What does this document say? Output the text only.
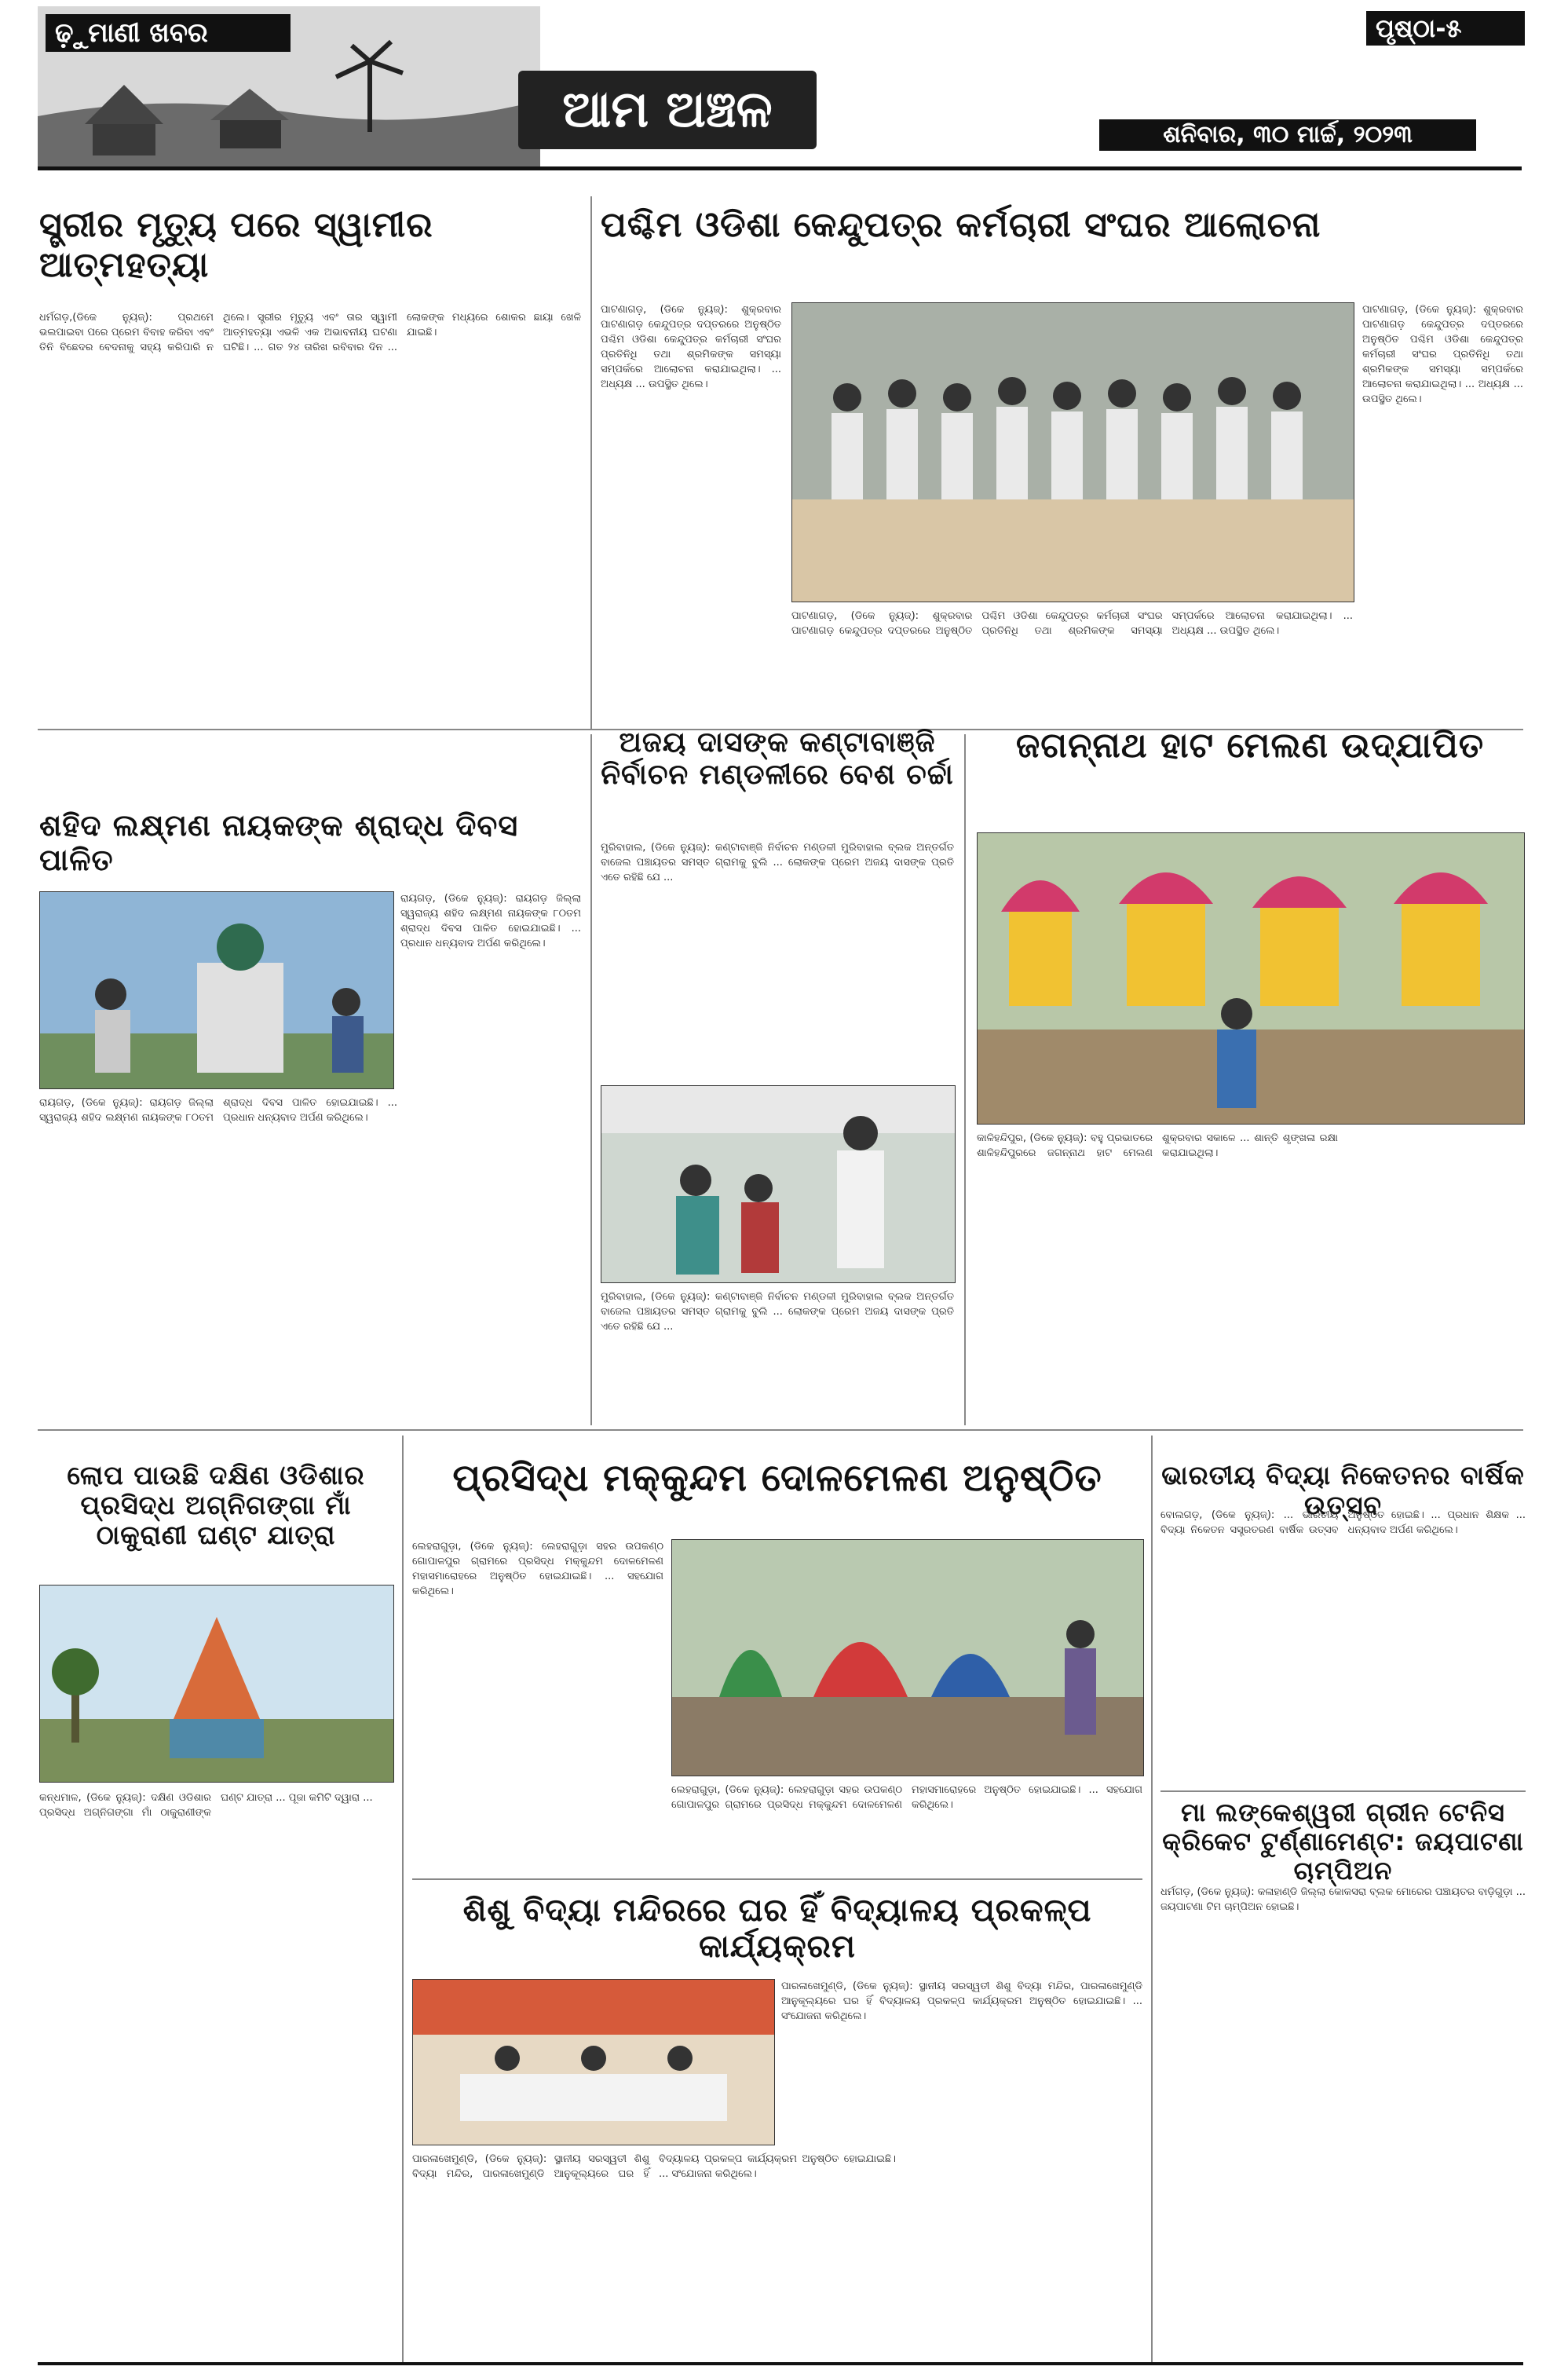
ଢ଼ୁମାଣୀ ଖବର
ଆମ ଅଞ୍ଚଳ
ପୃଷ୍ଠା-୫
ଶନିବାର, ୩୦ ମାର୍ଚ୍ଚ, ୨୦୨୩
ସ୍ତ୍ରୀର ମୃତ୍ୟୁ ପରେ ସ୍ୱାମୀର ଆତ୍ମହତ୍ୟା
ଧର୍ମଗଡ଼,(ଡିକେ ନ୍ୟୁଜ୍): ପ୍ରଥମେ ଭଲପାଇବା ପରେ ପ୍ରେମ ବିବାହ କରିବା ଏବଂ ତିନି ବିଛେଦର ବେଦନାକୁ ସହ୍ୟ କରିପାରି ନ ଥିଲେ। ସ୍ତ୍ରୀର ମୃତ୍ୟୁ ଏବଂ ତାର ସ୍ୱାମୀ ଆତ୍ମହତ୍ୟା ଏଭଳି ଏକ ଅଭାବନୀୟ ଘଟଣା ଘଟିଛି। ... ଗତ ୨୪ ତାରିଖ ରବିବାର ଦିନ ... ଲୋକଙ୍କ ମଧ୍ୟରେ ଶୋକର ଛାୟା ଖେଳି ଯାଇଛି।
ପଶ୍ଚିମ ଓଡିଶା କେନ୍ଦୁପତ୍ର କର୍ମଚାରୀ ସଂଘର ଆଲୋଚନା
ପାଟଣାଗଡ଼, (ଡିକେ ନ୍ୟୁଜ୍): ଶୁକ୍ରବାର ପାଟଣାଗଡ଼ କେନ୍ଦୁପତ୍ର ଦପ୍ତରରେ ଅନୁଷ୍ଠିତ ପଶ୍ଚିମ ଓଡିଶା କେନ୍ଦୁପତ୍ର କର୍ମଚାରୀ ସଂଘର ପ୍ରତିନିଧି ତଥା ଶ୍ରମିକଙ୍କ ସମସ୍ୟା ସମ୍ପର୍କରେ ଆଲୋଚନା କରାଯାଇଥିଲା। ... ଅଧ୍ୟକ୍ଷ ... ଉପସ୍ଥିତ ଥିଲେ।
ପାଟଣାଗଡ଼, (ଡିକେ ନ୍ୟୁଜ୍): ଶୁକ୍ରବାର ପାଟଣାଗଡ଼ କେନ୍ଦୁପତ୍ର ଦପ୍ତରରେ ଅନୁଷ୍ଠିତ ପଶ୍ଚିମ ଓଡିଶା କେନ୍ଦୁପତ୍ର କର୍ମଚାରୀ ସଂଘର ପ୍ରତିନିଧି ତଥା ଶ୍ରମିକଙ୍କ ସମସ୍ୟା ସମ୍ପର୍କରେ ଆଲୋଚନା କରାଯାଇଥିଲା। ... ଅଧ୍ୟକ୍ଷ ... ଉପସ୍ଥିତ ଥିଲେ।
ପାଟଣାଗଡ଼, (ଡିକେ ନ୍ୟୁଜ୍): ଶୁକ୍ରବାର ପାଟଣାଗଡ଼ କେନ୍ଦୁପତ୍ର ଦପ୍ତରରେ ଅନୁଷ୍ଠିତ ପଶ୍ଚିମ ଓଡିଶା କେନ୍ଦୁପତ୍ର କର୍ମଚାରୀ ସଂଘର ପ୍ରତିନିଧି ତଥା ଶ୍ରମିକଙ୍କ ସମସ୍ୟା ସମ୍ପର୍କରେ ଆଲୋଚନା କରାଯାଇଥିଲା। ... ଅଧ୍ୟକ୍ଷ ... ଉପସ୍ଥିତ ଥିଲେ।
ଶହିଦ ଲକ୍ଷ୍ମଣ ନାୟକଙ୍କ ଶ୍ରାଦ୍ଧ ଦିବସ ପାଳିତ
ରାୟଗଡ଼, (ଡିକେ ନ୍ୟୁଜ୍): ରାୟଗଡ଼ ଜିଲ୍ଲା ସ୍ୱରାଜ୍ୟ ଶହିଦ ଲକ୍ଷ୍ମଣ ନାୟକଙ୍କ ୮୦ତମ ଶ୍ରାଦ୍ଧ ଦିବସ ପାଳିତ ହୋଇଯାଇଛି। ... ପ୍ରଧାନ ଧନ୍ୟବାଦ ଅର୍ପଣ କରିଥିଲେ।
ରାୟଗଡ଼, (ଡିକେ ନ୍ୟୁଜ୍): ରାୟଗଡ଼ ଜିଲ୍ଲା ସ୍ୱରାଜ୍ୟ ଶହିଦ ଲକ୍ଷ୍ମଣ ନାୟକଙ୍କ ୮୦ତମ ଶ୍ରାଦ୍ଧ ଦିବସ ପାଳିତ ହୋଇଯାଇଛି। ... ପ୍ରଧାନ ଧନ୍ୟବାଦ ଅର୍ପଣ କରିଥିଲେ।
ଅଜୟ ଦାସଙ୍କ କଣ୍ଟାବାଞ୍ଜି ନିର୍ବାଚନ ମଣ୍ଡଳୀରେ ବେଶ ଚର୍ଚ୍ଚା
ମୁରିବାହାଲ, (ଡିକେ ନ୍ୟୁଜ୍): କଣ୍ଟାବାଞ୍ଜି ନିର୍ବାଚନ ମଣ୍ଡଳୀ ମୁରିବାହାଲ ବ୍ଲକ ଅନ୍ତର୍ଗତ ବାଜେଲ ପଞ୍ଚାୟତର ସମସ୍ତ ଗ୍ରାମକୁ ବୁଲି ... ଲୋକଙ୍କ ପ୍ରେମ ଅଜୟ ଦାସଙ୍କ ପ୍ରତି ଏତେ ରହିଛି ଯେ ...
ମୁରିବାହାଲ, (ଡିକେ ନ୍ୟୁଜ୍): କଣ୍ଟାବାଞ୍ଜି ନିର୍ବାଚନ ମଣ୍ଡଳୀ ମୁରିବାହାଲ ବ୍ଲକ ଅନ୍ତର୍ଗତ ବାଜେଲ ପଞ୍ଚାୟତର ସମସ୍ତ ଗ୍ରାମକୁ ବୁଲି ... ଲୋକଙ୍କ ପ୍ରେମ ଅଜୟ ଦାସଙ୍କ ପ୍ରତି ଏତେ ରହିଛି ଯେ ...
ଜଗନ୍ନାଥ ହାଟ ମେଲଣ ଉଦ୍ଯାପିତ
କାଳିହନ୍ଦିପୁର, (ଡିକେ ନ୍ୟୁଜ୍): ବହୁ ପ୍ରଭାତରେ ଶାଳିହନ୍ଦିପୁରରେ ଜଗନ୍ନାଥ ହାଟ ମେଲଣ ଶୁକ୍ରବାର ସକାଳେ ... ଶାନ୍ତି ଶୃଙ୍ଖଳା ରକ୍ଷା କରାଯାଇଥିଲା।
ଲୋପ ପାଉଛି ଦକ୍ଷିଣ ଓଡିଶାର ପ୍ରସିଦ୍ଧ ଅଗ୍ନିଗଙ୍ଗା ମାଁ ଠାକୁରାଣୀ ଘଣ୍ଟ ଯାତ୍ରା
କନ୍ଧମାଳ, (ଡିକେ ନ୍ୟୁଜ୍): ଦକ୍ଷିଣ ଓଡିଶାର ପ୍ରସିଦ୍ଧ ଅଗ୍ନିଗଙ୍ଗା ମାଁ ଠାକୁରାଣୀଙ୍କ ଘଣ୍ଟ ଯାତ୍ରା ... ପୂଜା କମିଟି ଦ୍ୱାରା ...
ପ୍ରସିଦ୍ଧ ମକ୍କୁନ୍ଦମ ଦୋଳମେଳଣ ଅନୁଷ୍ଠିତ
ଲେହରାଗୁଡ଼ା, (ଡିକେ ନ୍ୟୁଜ୍): ଲେହରାଗୁଡ଼ା ସହର ଉପକଣ୍ଠ ଗୋପାଳପୁର ଗ୍ରାମରେ ପ୍ରସିଦ୍ଧ ମକ୍କୁନ୍ଦମ ଦୋଳମେଳଣ ମହାସମାରୋହରେ ଅନୁଷ୍ଠିତ ହୋଇଯାଇଛି। ... ସହଯୋଗ କରିଥିଲେ।
ଲେହରାଗୁଡ଼ା, (ଡିକେ ନ୍ୟୁଜ୍): ଲେହରାଗୁଡ଼ା ସହର ଉପକଣ୍ଠ ଗୋପାଳପୁର ଗ୍ରାମରେ ପ୍ରସିଦ୍ଧ ମକ୍କୁନ୍ଦମ ଦୋଳମେଳଣ ମହାସମାରୋହରେ ଅନୁଷ୍ଠିତ ହୋଇଯାଇଛି। ... ସହଯୋଗ କରିଥିଲେ।
ଶିଶୁ ବିଦ୍ୟା ମନ୍ଦିରରେ ଘର ହିଁ ବିଦ୍ୟାଳୟ ପ୍ରକଳ୍ପ କାର୍ଯ୍ୟକ୍ରମ
ପାରଳାଖେମୁଣ୍ଡି, (ଡିକେ ନ୍ୟୁଜ୍): ସ୍ଥାନୀୟ ସରସ୍ୱତୀ ଶିଶୁ ବିଦ୍ୟା ମନ୍ଦିର, ପାରଳାଖେମୁଣ୍ଡି ଆନୁକୂଲ୍ୟରେ ଘର ହିଁ ବିଦ୍ୟାଳୟ ପ୍ରକଳ୍ପ କାର୍ଯ୍ୟକ୍ରମ ଅନୁଷ୍ଠିତ ହୋଇଯାଇଛି। ... ସଂଯୋଜନା କରିଥିଲେ।
ପାରଳାଖେମୁଣ୍ଡି, (ଡିକେ ନ୍ୟୁଜ୍): ସ୍ଥାନୀୟ ସରସ୍ୱତୀ ଶିଶୁ ବିଦ୍ୟା ମନ୍ଦିର, ପାରଳାଖେମୁଣ୍ଡି ଆନୁକୂଲ୍ୟରେ ଘର ହିଁ ବିଦ୍ୟାଳୟ ପ୍ରକଳ୍ପ କାର୍ଯ୍ୟକ୍ରମ ଅନୁଷ୍ଠିତ ହୋଇଯାଇଛି। ... ସଂଯୋଜନା କରିଥିଲେ।
ଭାରତୀୟ ବିଦ୍ୟା ନିକେତନର ବାର୍ଷିକ ଉତ୍ସବ
ବୋଲଗଡ଼, (ଡିକେ ନ୍ୟୁଜ୍): ... ଭାରତୀୟ ବିଦ୍ୟା ନିକେତନ ସସ୍ତ୍ରତରଣ ବାର୍ଷିକ ଉତ୍ସବ ଅନୁଷ୍ଠିତ ହୋଇଛି। ... ପ୍ରଧାନ ଶିକ୍ଷକ ... ଧନ୍ୟବାଦ ଅର୍ପଣ କରିଥିଲେ।
ମା ଲଙ୍କେଶ୍ୱରୀ ଗ୍ରୀନ ଟେନିସ କ୍ରିକେଟ ଟୁର୍ଣ୍ଣାମେଣ୍ଟ: ଜୟପାଟଣା ଚାମ୍ପିଅନ
ଧର୍ମଗଡ଼, (ଡିକେ ନ୍ୟୁଜ୍): କଳାହାଣ୍ଡି ଜିଲ୍ଲା କୋକସରା ବ୍ଲକ ମୋରେର ପଞ୍ଚାୟତର ବାଡ଼ିଗୁଡ଼ା ... ଜୟପାଟଣା ଟିମ ଚାମ୍ପିଅନ ହୋଇଛି।
